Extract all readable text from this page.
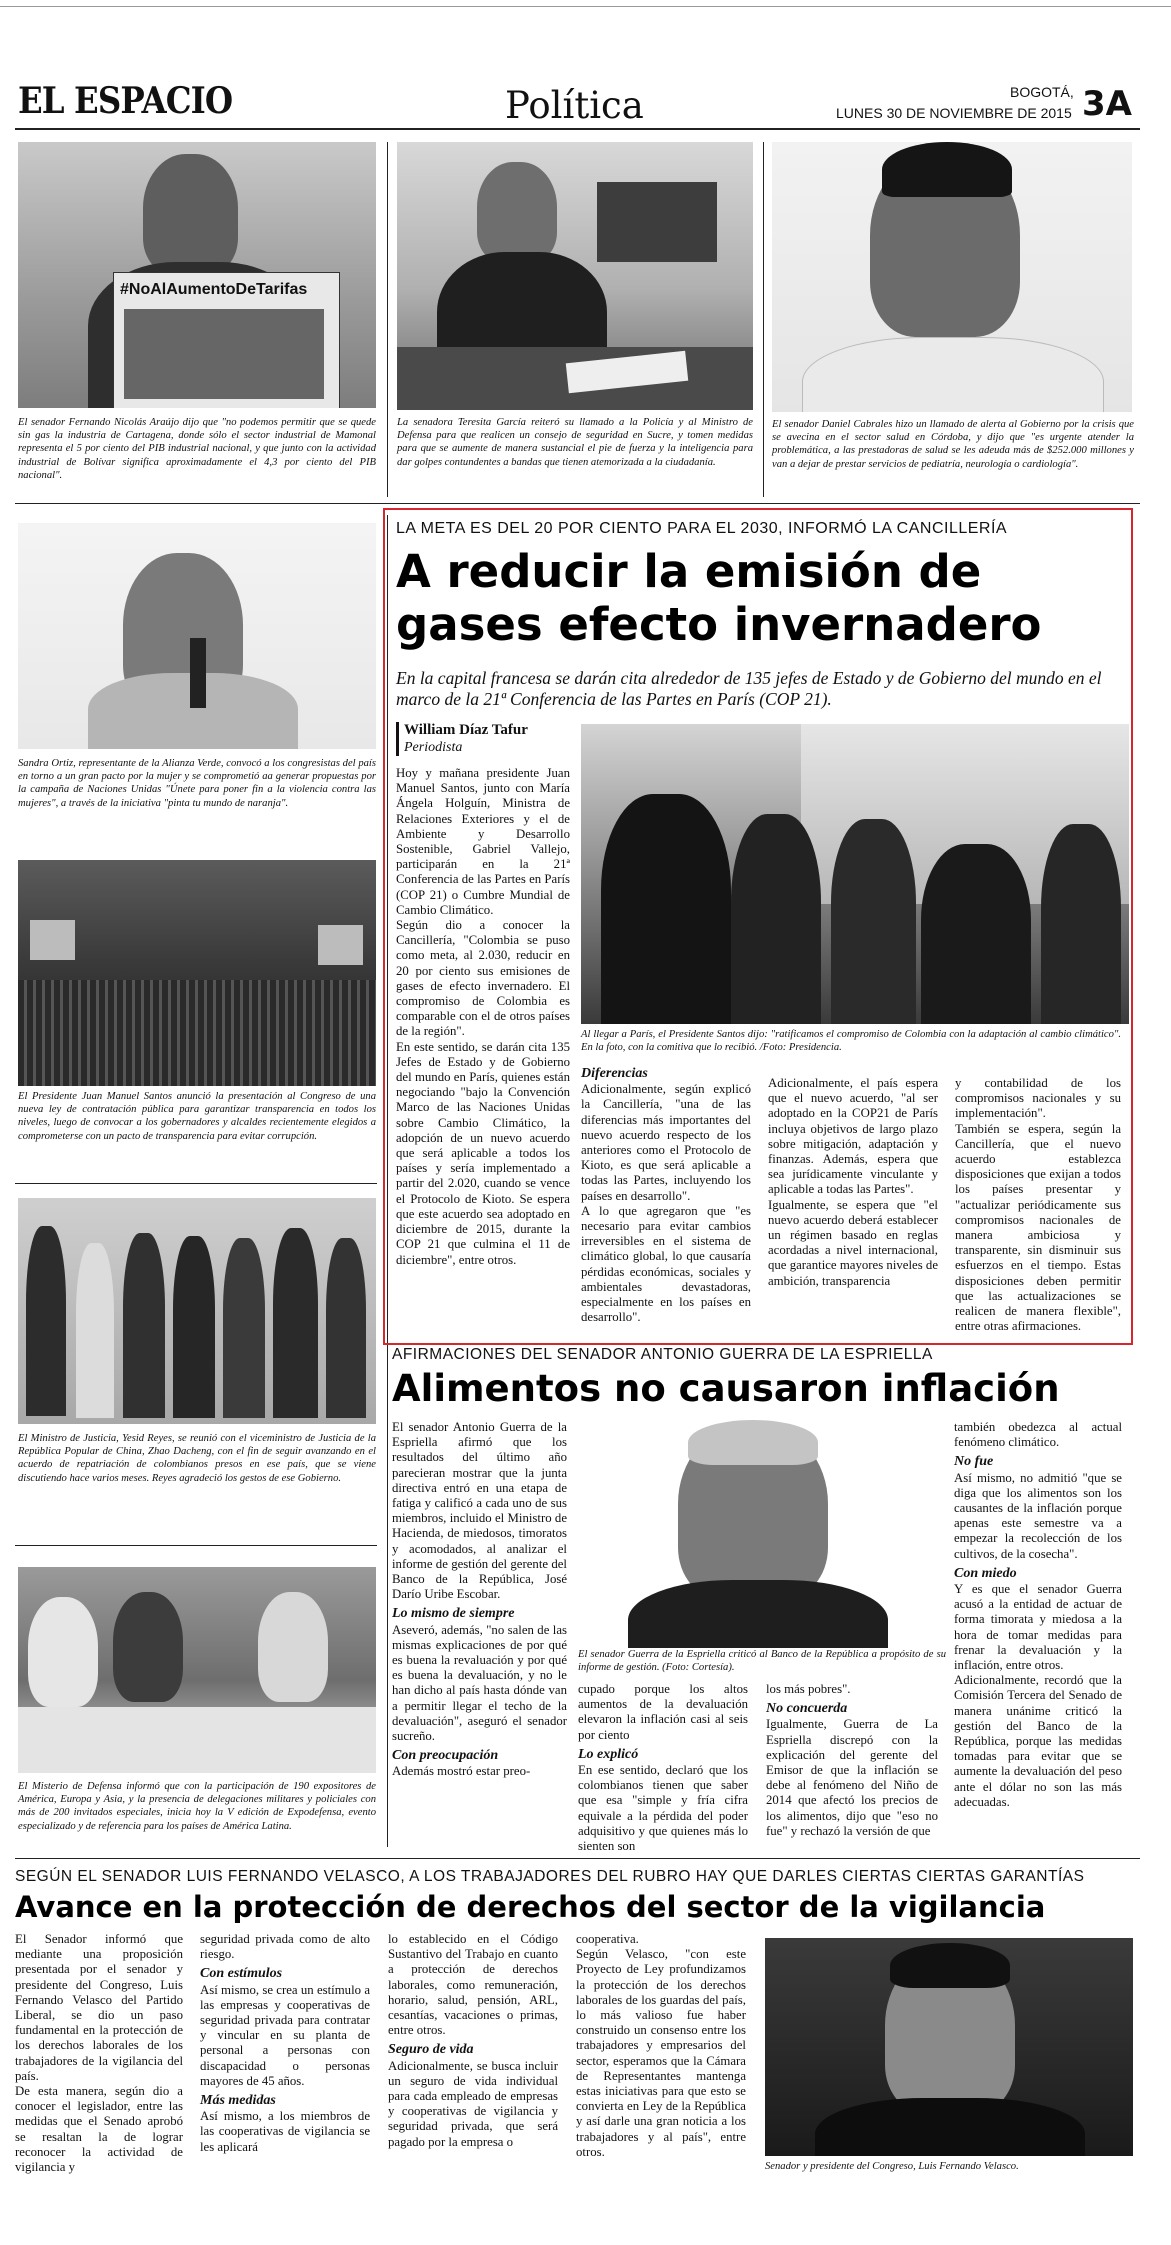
EL ESPACIO	Política	BOGOTÁ,
LUNES 30 DE NOVIEMBRE DE 2015 3A
#NoAlAumentoDeTarifas

El senador Fernando Nicolás Araújo dijo que "no podemos permitir que se quede sin gas la industria de Cartagena, donde sólo el sector industrial de Mamonal representa el 5 por ciento del PIB industrial nacional, y que junto con la actividad industrial de Bolívar significa aproximadamente el 4,3 por ciento del PIB nacional".

La senadora Teresita García reiteró su llamado a la Policía y al Ministro de Defensa para que realicen un consejo de seguridad en Sucre, y tomen medidas para que se aumente de manera sustancial el pie de fuerza y la inteligencia para dar golpes contundentes a bandas que tienen atemorizada a la ciudadanía.

El senador Daniel Cabrales hizo un llamado de alerta al Gobierno por la crisis que se avecina en el sector salud en Córdoba, y dijo que "es urgente atender la problemática, a las prestadoras de salud se les adeuda más de $252.000 millones y van a dejar de prestar servicios de pediatría, neurología o cardiología".

Sandra Ortiz, representante de la Alianza Verde, convocó a los congresistas del país en torno a un gran pacto por la mujer y se comprometió aa generar propuestas por la campaña de Naciones Unidas "Únete para poner fin a la violencia contra las mujeres", a través de la iniciativa "pinta tu mundo de naranja".

El Presidente Juan Manuel Santos anunció la presentación al Congreso de una nueva ley de contratación pública para garantizar transparencia en todos los niveles, luego de convocar a los gobernadores y alcaldes recientemente elegidos a comprometerse con un pacto de transparencia para evitar corrupción.

El Ministro de Justicia, Yesid Reyes, se reunió con el viceministro de Justicia de la República Popular de China, Zhao Dacheng, con el fin de seguir avanzando en el acuerdo de repatriación de colombianos presos en ese país, que se viene discutiendo hace varios meses. Reyes agradeció los gestos de ese Gobierno.

El Misterio de Defensa informó que con la participación de 190 expositores de América, Europa y Asia, y la presencia de delegaciones militares y policiales con más de 200 invitados especiales, inicia hoy la V edición de Expodefensa, evento especializado y de referencia para los países de América Latina.

LA META ES DEL 20 POR CIENTO PARA EL 2030, INFORMÓ LA CANCILLERÍA
A reducir la emisión de
gases efecto invernadero

En la capital francesa se darán cita alrededor de 135 jefes de Estado y de Gobierno del mundo en el marco de la 21ª Conferencia de las Partes en París (COP 21).

William Díaz Tafur
Periodista

Hoy y mañana presidente Juan Manuel Santos, junto con María Ángela Holguín, Ministra de Relaciones Exteriores y el de Ambiente y Desarrollo Sostenible, Gabriel Vallejo, participarán en la 21ª Conferencia de las Partes en París (COP 21) o Cumbre Mundial de Cambio Climático.

Según dio a conocer la Cancillería, "Colombia se puso como meta, al 2.030, reducir en 20 por ciento sus emisiones de gases de efecto invernadero. El compromiso de Colombia es comparable con el de otros países de la región".

En este sentido, se darán cita 135 Jefes de Estado y de Gobierno del mundo en París, quienes están negociando "bajo la Convención Marco de las Naciones Unidas sobre Cambio Climático, la adopción de un nuevo acuerdo que será aplicable a todos los países y sería implementado a partir del 2.020, cuando se vence el Protocolo de Kioto. Se espera que este acuerdo sea adoptado en diciembre de 2015, durante la COP 21 que culmina el 11 de diciembre", entre otros.

Al llegar a París, el Presidente Santos dijo: "ratificamos el compromiso de Colombia con la adaptación al cambio climático". En la foto, con la comitiva que lo recibió. /Foto: Presidencia.

Diferencias

Adicionalmente, según explicó la Cancillería, "una de las diferencias más importantes del nuevo acuerdo respecto de los anteriores como el Protocolo de Kioto, es que será aplicable a todas las Partes, incluyendo los países en desarrollo".

A lo que agregaron que "es necesario para evitar cambios irreversibles en el sistema de climático global, lo que causaría pérdidas económicas, sociales y ambientales devastadoras, especialmente en los países en desarrollo".

Adicionalmente, el país espera que el nuevo acuerdo, "al ser adoptado en la COP21 de París incluya objetivos de largo plazo sobre mitigación, adaptación y finanzas. Además, espera que sea jurídicamente vinculante y aplicable a todas las Partes".

Igualmente, se espera que "el nuevo acuerdo deberá establecer un régimen basado en reglas acordadas a nivel internacional, que garantice mayores niveles de ambición, transparencia

y contabilidad de los compromisos nacionales y su implementación".

También se espera, según la Cancillería, que el nuevo acuerdo establezca disposiciones que exijan a todos los países presentar y "actualizar periódicamente sus compromisos nacionales de manera ambiciosa y transparente, sin disminuir sus esfuerzos en el tiempo. Estas disposiciones deben permitir que las actualizaciones se realicen de manera flexible", entre otras afirmaciones.

AFIRMACIONES DEL SENADOR ANTONIO GUERRA DE LA ESPRIELLA
Alimentos no causaron inflación

El senador Antonio Guerra de la Espriella afirmó que los resultados del último año parecieran mostrar que la junta directiva entró en una etapa de fatiga y calificó a cada uno de sus miembros, incluido el Ministro de Hacienda, de miedosos, timoratos y acomodados, al analizar el informe de gestión del gerente del Banco de la República, José Darío Uribe Escobar.

Lo mismo de siempre

Aseveró, además, "no salen de las mismas explicaciones de por qué es buena la revaluación y por qué es buena la devaluación, y no le han dicho al país hasta dónde van a permitir llegar el techo de la devaluación", aseguró el senador sucreño.

Con preocupación

Además mostró estar preo-

El senador Guerra de la Espriella criticó al Banco de la República a propósito de su informe de gestión. (Foto: Cortesía).

cupado porque los altos aumentos de la devaluación elevaron la inflación casi al seis por ciento

Lo explicó

En ese sentido, declaró que los colombianos tienen que saber que esa "simple y fría cifra equivale a la pérdida del poder adquisitivo y que quienes más lo sienten son

los más pobres".

No concuerda

Igualmente, Guerra de La Espriella discrepó con la explicación del gerente del Emisor de que la inflación se debe al fenómeno del Niño de 2014 que afectó los precios de los alimentos, dijo que "eso no fue" y rechazó la versión de que

también obedezca al actual fenómeno climático.

No fue

Así mismo, no admitió "que se diga que los alimentos son los causantes de la inflación porque apenas este semestre va a empezar la recolección de los cultivos, de la cosecha".

Con miedo

Y es que el senador Guerra acusó a la entidad de actuar de forma timorata y miedosa a la hora de tomar medidas para frenar la devaluación y la inflación, entre otros.

Adicionalmente, recordó que la Comisión Tercera del Senado de manera unánime criticó la gestión del Banco de la República, porque las medidas tomadas para evitar que se aumente la devaluación del peso ante el dólar no son las más adecuadas.

SEGÚN EL SENADOR LUIS FERNANDO VELASCO, A LOS TRABAJADORES DEL RUBRO HAY QUE DARLES CIERTAS CIERTAS GARANTÍAS
Avance en la protección de derechos del sector de la vigilancia

El Senador informó que mediante una proposición presentada por el senador y presidente del Congreso, Luis Fernando Velasco del Partido Liberal, se dio un paso fundamental en la protección de los derechos laborales de los trabajadores de la vigilancia del país.

De esta manera, según dio a conocer el legislador, entre las medidas que el Senado aprobó se resaltan la de lograr reconocer la actividad de vigilancia y

seguridad privada como de alto riesgo.

Con estímulos

Así mismo, se crea un estímulo a las empresas y cooperativas de seguridad privada para contratar y vincular en su planta de personal a personas con discapacidad o personas mayores de 45 años.

Más medidas

Así mismo, a los miembros de las cooperativas de vigilancia se les aplicará

lo establecido en el Código Sustantivo del Trabajo en cuanto a protección de derechos laborales, como remuneración, horario, salud, pensión, ARL, cesantías, vacaciones o primas, entre otros.

Seguro de vida

Adicionalmente, se busca incluir un seguro de vida individual para cada empleado de empresas y cooperativas de vigilancia y seguridad privada, que será pagado por la empresa o

cooperativa.

Según Velasco, "con este Proyecto de Ley profundizamos la protección de los derechos laborales de los guardas del país, lo más valioso fue haber construido un consenso entre los trabajadores y empresarios del sector, esperamos que la Cámara de Representantes mantenga estas iniciativas para que esto se convierta en Ley de la República y así darle una gran noticia a los trabajadores y al país", entre otros.

Senador y presidente del Congreso, Luis Fernando Velasco.
